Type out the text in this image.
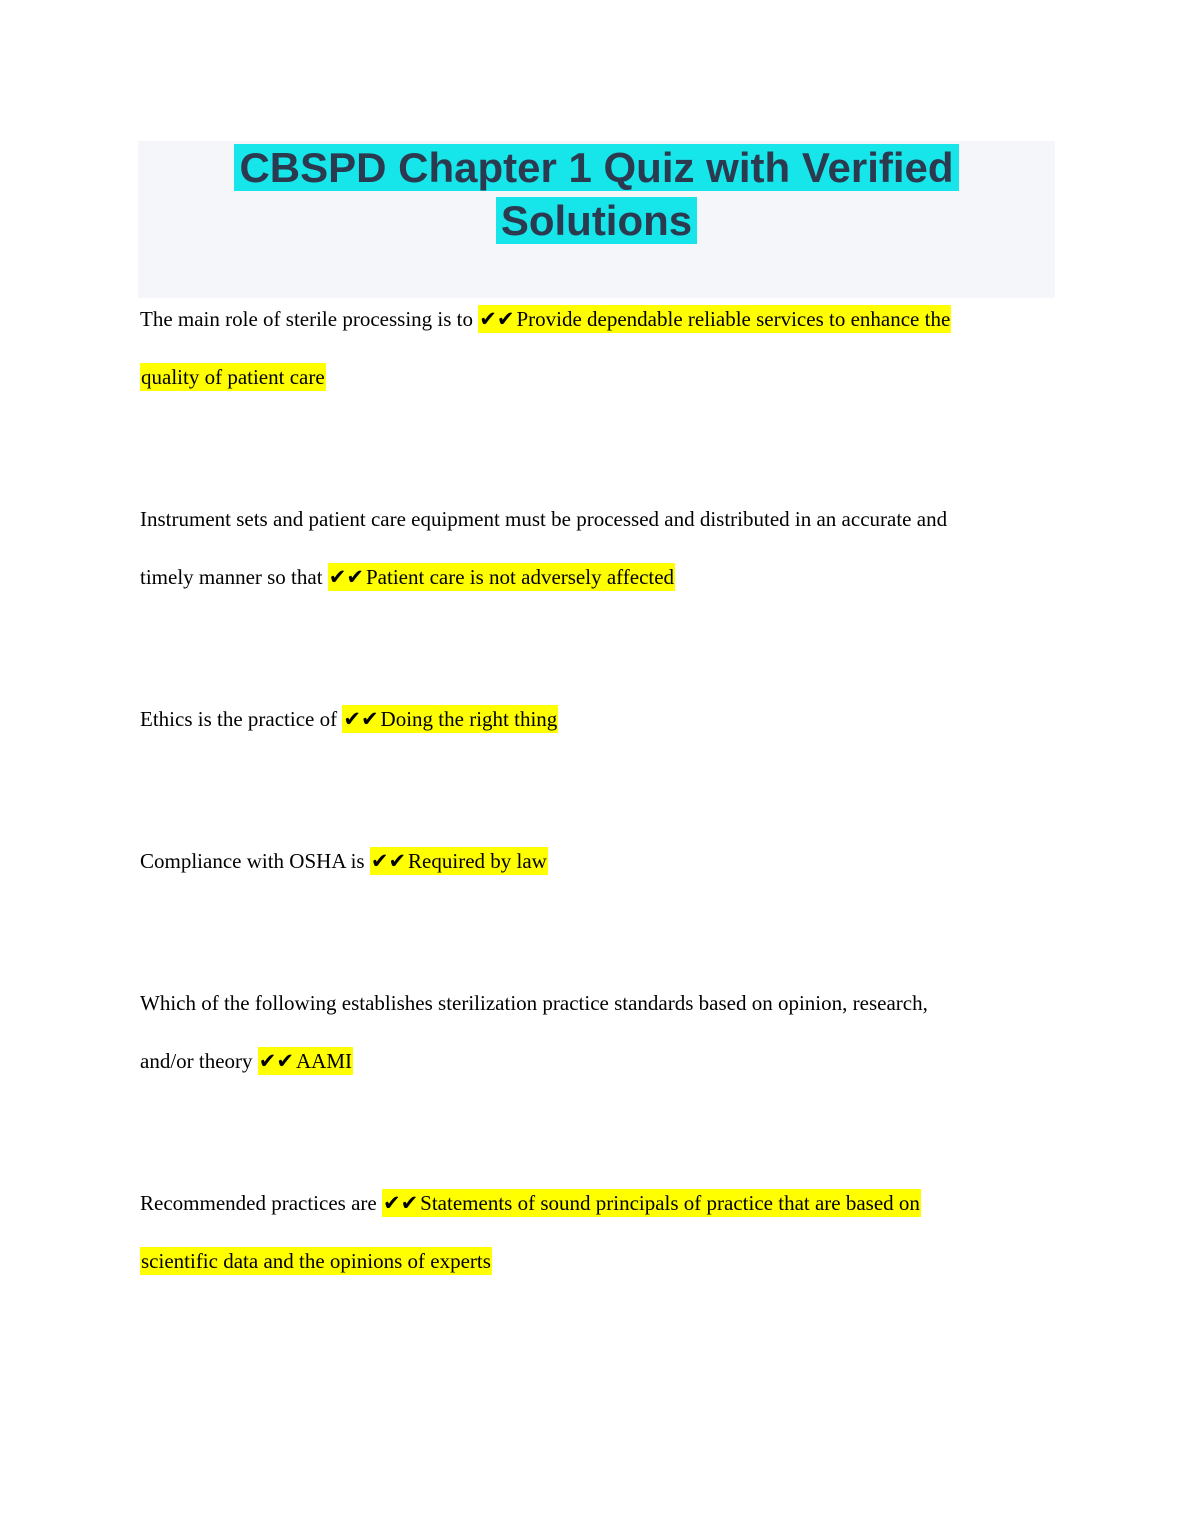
CBSPD Chapter 1 Quiz with Verified Solutions
The main role of sterile processing is to ✔✔Provide dependable reliable services to enhance the
quality of patient care
Instrument sets and patient care equipment must be processed and distributed in an accurate and
timely manner so that ✔✔Patient care is not adversely affected
Ethics is the practice of ✔✔Doing the right thing
Compliance with OSHA is ✔✔Required by law
Which of the following establishes sterilization practice standards based on opinion, research,
and/or theory ✔✔AAMI
Recommended practices are ✔✔Statements of sound principals of practice that are based on
scientific data and the opinions of experts
